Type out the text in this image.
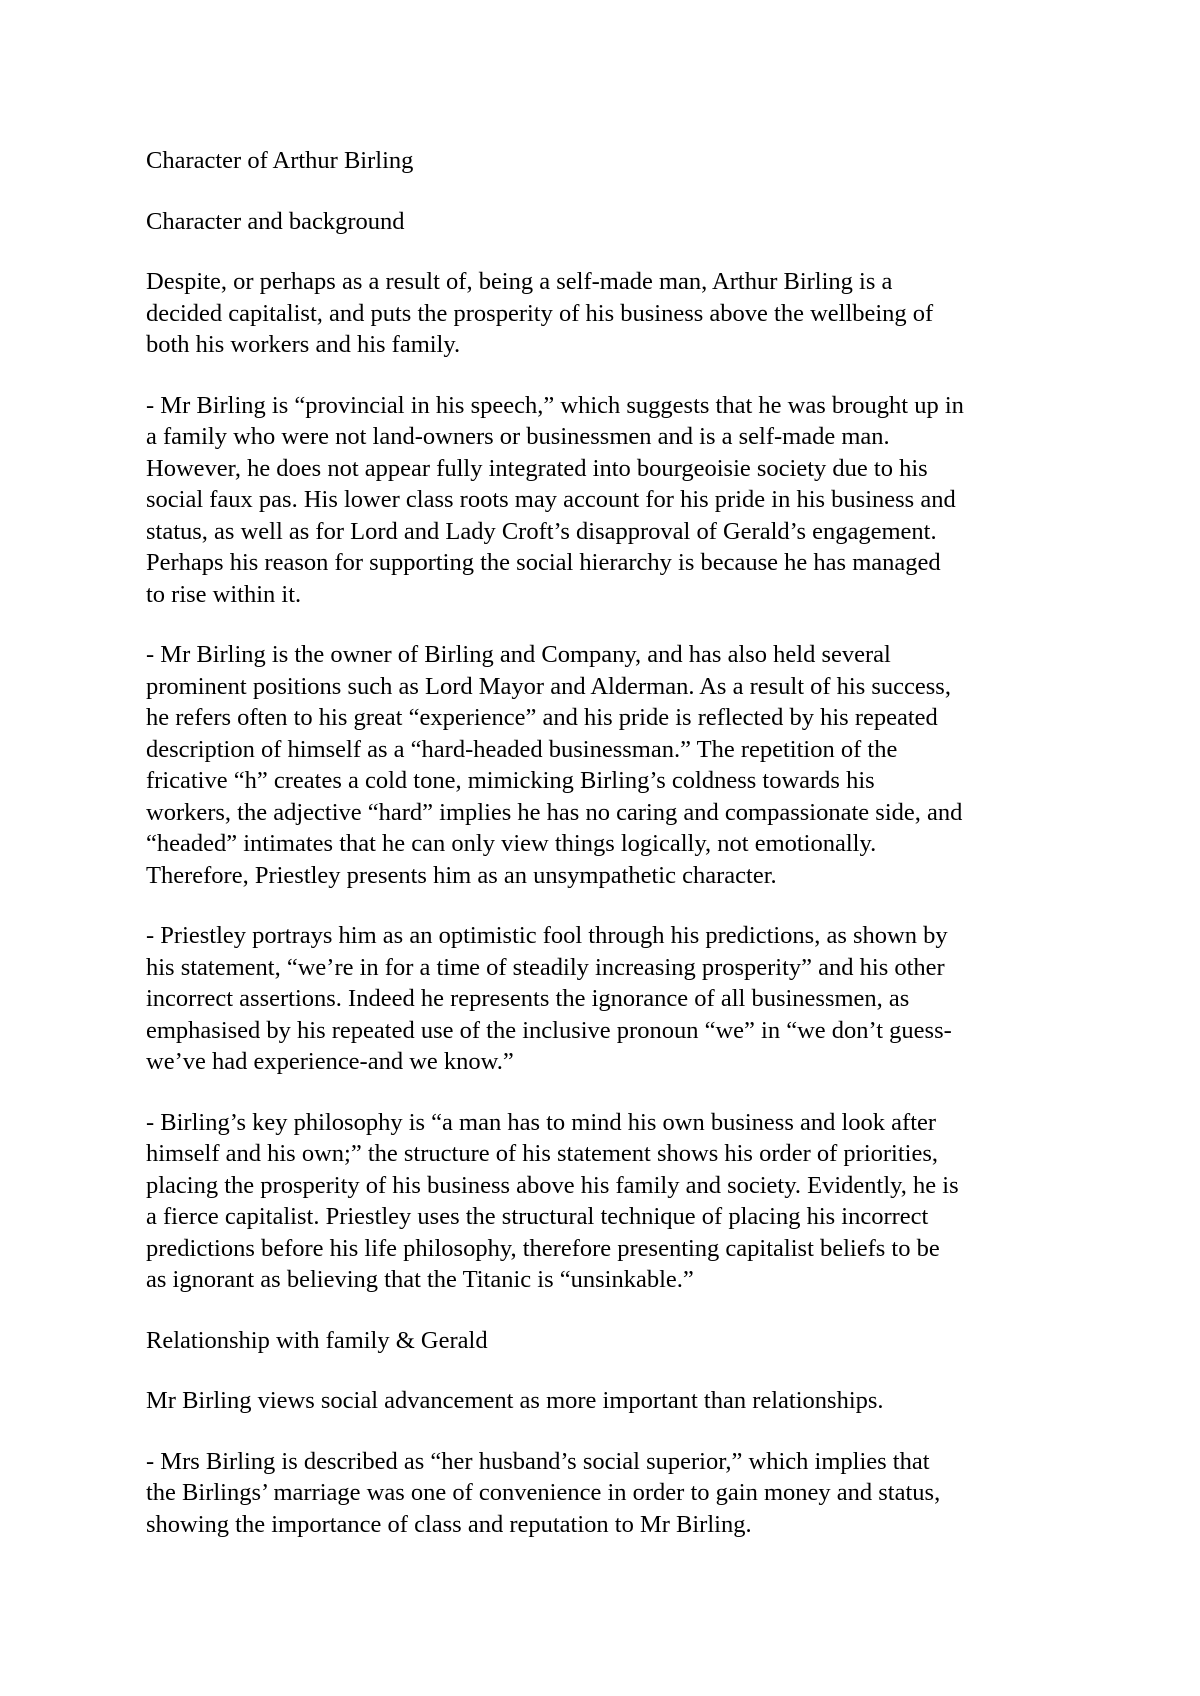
Character of Arthur Birling
Character and background
Despite, or perhaps as a result of, being a self-made man, Arthur Birling is a
decided capitalist, and puts the prosperity of his business above the wellbeing of
both his workers and his family.
- Mr Birling is “provincial in his speech,” which suggests that he was brought up in
a family who were not land-owners or businessmen and is a self-made man.
However, he does not appear fully integrated into bourgeoisie society due to his
social faux pas. His lower class roots may account for his pride in his business and
status, as well as for Lord and Lady Croft’s disapproval of Gerald’s engagement.
Perhaps his reason for supporting the social hierarchy is because he has managed
to rise within it.
- Mr Birling is the owner of Birling and Company, and has also held several
prominent positions such as Lord Mayor and Alderman. As a result of his success,
he refers often to his great “experience” and his pride is reflected by his repeated
description of himself as a “hard-headed businessman.” The repetition of the
fricative “h” creates a cold tone, mimicking Birling’s coldness towards his
workers, the adjective “hard” implies he has no caring and compassionate side, and
“headed” intimates that he can only view things logically, not emotionally.
Therefore, Priestley presents him as an unsympathetic character.
- Priestley portrays him as an optimistic fool through his predictions, as shown by
his statement, “we’re in for a time of steadily increasing prosperity” and his other
incorrect assertions. Indeed he represents the ignorance of all businessmen, as
emphasised by his repeated use of the inclusive pronoun “we” in “we don’t guess-
we’ve had experience-and we know.”
- Birling’s key philosophy is “a man has to mind his own business and look after
himself and his own;” the structure of his statement shows his order of priorities,
placing the prosperity of his business above his family and society. Evidently, he is
a fierce capitalist. Priestley uses the structural technique of placing his incorrect
predictions before his life philosophy, therefore presenting capitalist beliefs to be
as ignorant as believing that the Titanic is “unsinkable.”
Relationship with family & Gerald
Mr Birling views social advancement as more important than relationships.
- Mrs Birling is described as “her husband’s social superior,” which implies that
the Birlings’ marriage was one of convenience in order to gain money and status,
showing the importance of class and reputation to Mr Birling.
